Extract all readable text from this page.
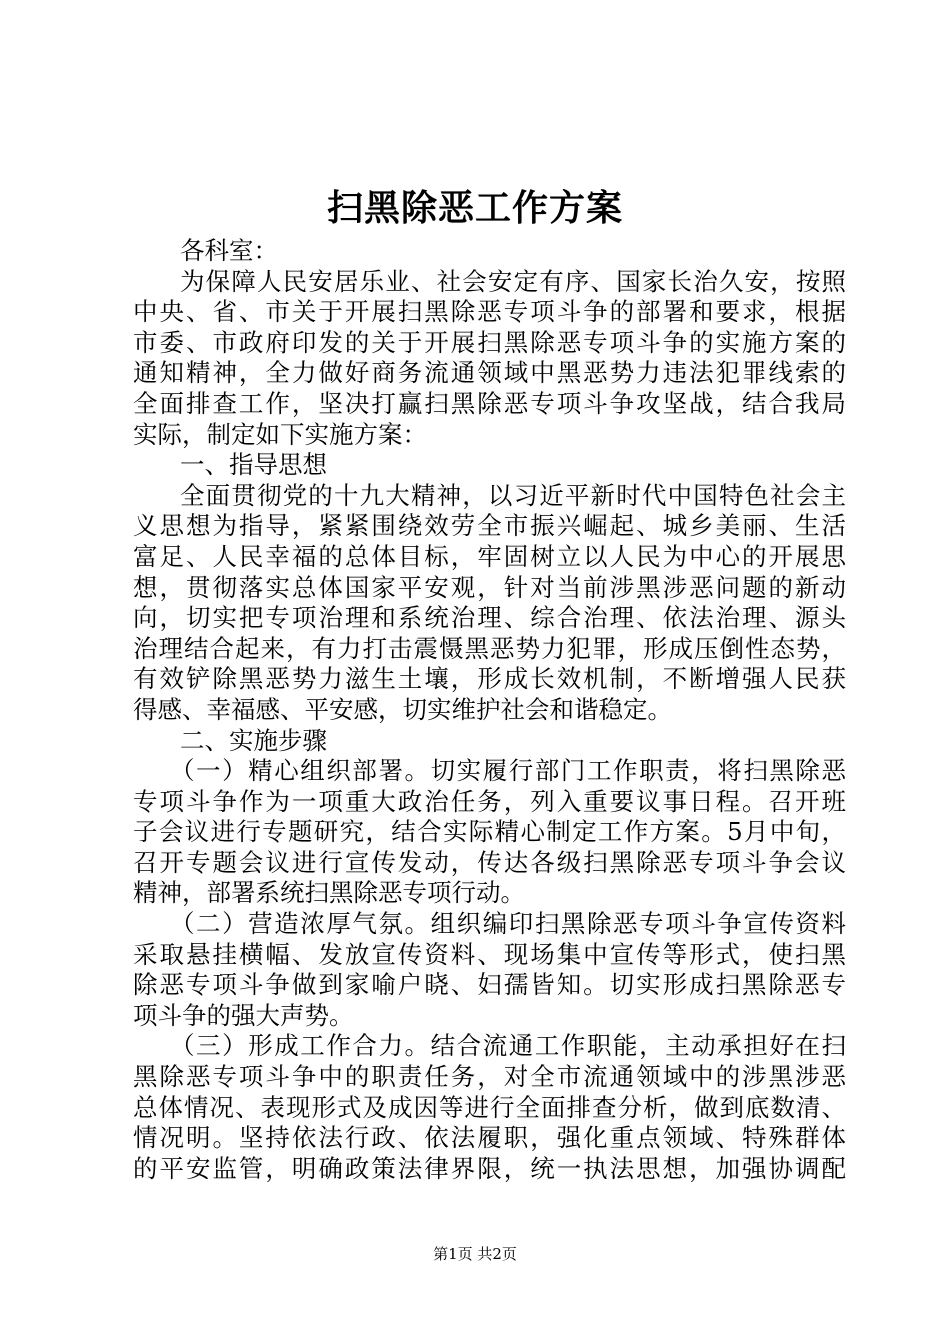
扫黑除恶工作方案
各科室：
为保障人民安居乐业、社会安定有序、国家长治久安，按照
中央、省、市关于开展扫黑除恶专项斗争的部署和要求，根据
市委、市政府印发的关于开展扫黑除恶专项斗争的实施方案的
通知精神，全力做好商务流通领域中黑恶势力违法犯罪线索的
全面排查工作，坚决打赢扫黑除恶专项斗争攻坚战，结合我局
实际，制定如下实施方案：
一、指导思想
全面贯彻党的十九大精神，以习近平新时代中国特色社会主
义思想为指导，紧紧围绕效劳全市振兴崛起、城乡美丽、生活
富足、人民幸福的总体目标，牢固树立以人民为中心的开展思
想，贯彻落实总体国家平安观，针对当前涉黑涉恶问题的新动
向，切实把专项治理和系统治理、综合治理、依法治理、源头
治理结合起来，有力打击震慑黑恶势力犯罪，形成压倒性态势，
有效铲除黑恶势力滋生土壤，形成长效机制，不断增强人民获
得感、幸福感、平安感，切实维护社会和谐稳定。
二、实施步骤
（一）精心组织部署。切实履行部门工作职责，将扫黑除恶
专项斗争作为一项重大政治任务，列入重要议事日程。召开班
子会议进行专题研究，结合实际精心制定工作方案。5月中旬，
召开专题会议进行宣传发动，传达各级扫黑除恶专项斗争会议
精神，部署系统扫黑除恶专项行动。
（二）营造浓厚气氛。组织编印扫黑除恶专项斗争宣传资料
采取悬挂横幅、发放宣传资料、现场集中宣传等形式，使扫黑
除恶专项斗争做到家喻户晓、妇孺皆知。切实形成扫黑除恶专
项斗争的强大声势。
（三）形成工作合力。结合流通工作职能，主动承担好在扫
黑除恶专项斗争中的职责任务，对全市流通领域中的涉黑涉恶
总体情况、表现形式及成因等进行全面排查分析，做到底数清、
情况明。坚持依法行政、依法履职，强化重点领域、特殊群体
的平安监管，明确政策法律界限，统一执法思想，加强协调配
第1页 共2页
